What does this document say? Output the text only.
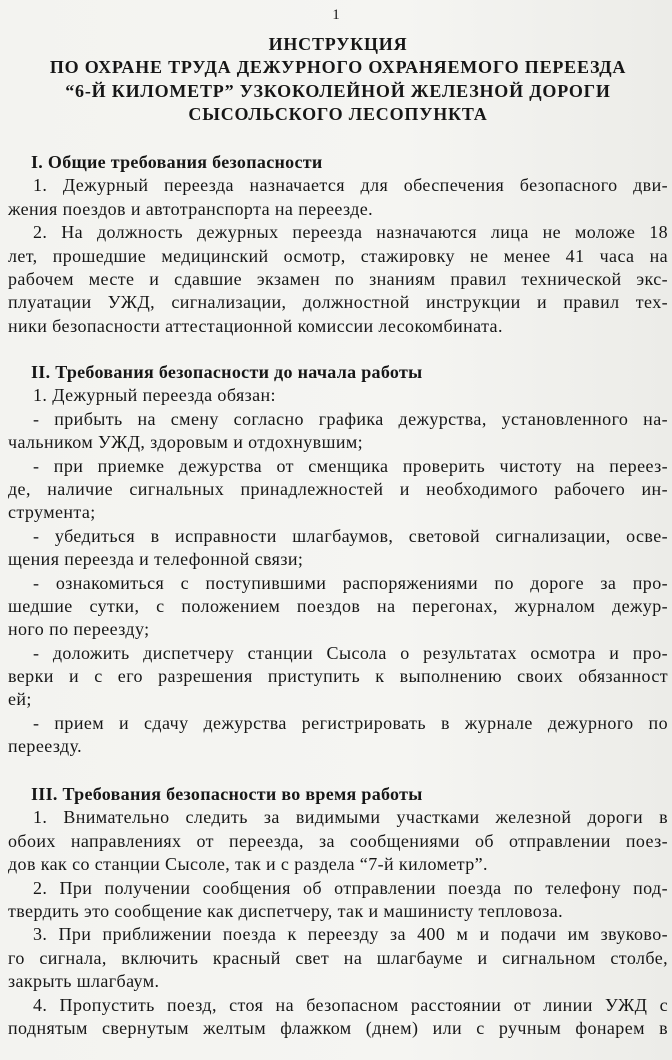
1
ИНСТРУКЦИЯ
ПО ОХРАНЕ ТРУДА ДЕЖУРНОГО ОХРАНЯЕМОГО ПЕРЕЕЗДА
“6-Й КИЛОМЕТР” УЗКОКОЛЕЙНОЙ ЖЕЛЕЗНОЙ ДОРОГИ
СЫСОЛЬСКОГО ЛЕСОПУНКТА
I. Общие требования безопасности
1. Дежурный переезда назначается для обеспечения безопасного дви-
жения поездов и автотранспорта на переезде.
2. На должность дежурных переезда назначаются лица не моложе 18
лет, прошедшие медицинский осмотр, стажировку не менее 41 часа на
рабочем месте и сдавшие экзамен по знаниям правил технической экс-
плуатации УЖД, сигнализации, должностной инструкции и правил тех-
ники безопасности аттестационной комиссии лесокомбината.
II. Требования безопасности до начала работы
1. Дежурный переезда обязан:
- прибыть на смену согласно графика дежурства, установленного на-
чальником УЖД, здоровым и отдохнувшим;
- при приемке дежурства от сменщика проверить чистоту на переез-
де, наличие сигнальных принадлежностей и необходимого рабочего ин-
струмента;
- убедиться в исправности шлагбаумов, световой сигнализации, осве-
щения переезда и телефонной связи;
- ознакомиться с поступившими распоряжениями по дороге за про-
шедшие сутки, с положением поездов на перегонах, журналом дежур-
ного по переезду;
- доложить диспетчеру станции Сысола о результатах осмотра и про-
верки и с его разрешения приступить к выполнению своих обязанност
ей;
- прием и сдачу дежурства регистрировать в журнале дежурного по
переезду.
III. Требования безопасности во время работы
1. Внимательно следить за видимыми участками железной дороги в
обоих направлениях от переезда, за сообщениями об отправлении поез-
дов как со станции Сысоле, так и с раздела “7-й километр”.
2. При получении сообщения об отправлении поезда по телефону под-
твердить это сообщение как диспетчеру, так и машинисту тепловоза.
3. При приближении поезда к переезду за 400 м и подачи им звуково-
го сигнала, включить красный свет на шлагбауме и сигнальном столбе,
закрыть шлагбаум.
4. Пропустить поезд, стоя на безопасном расстоянии от линии УЖД с
поднятым свернутым желтым флажком (днем) или с ручным фонарем в
